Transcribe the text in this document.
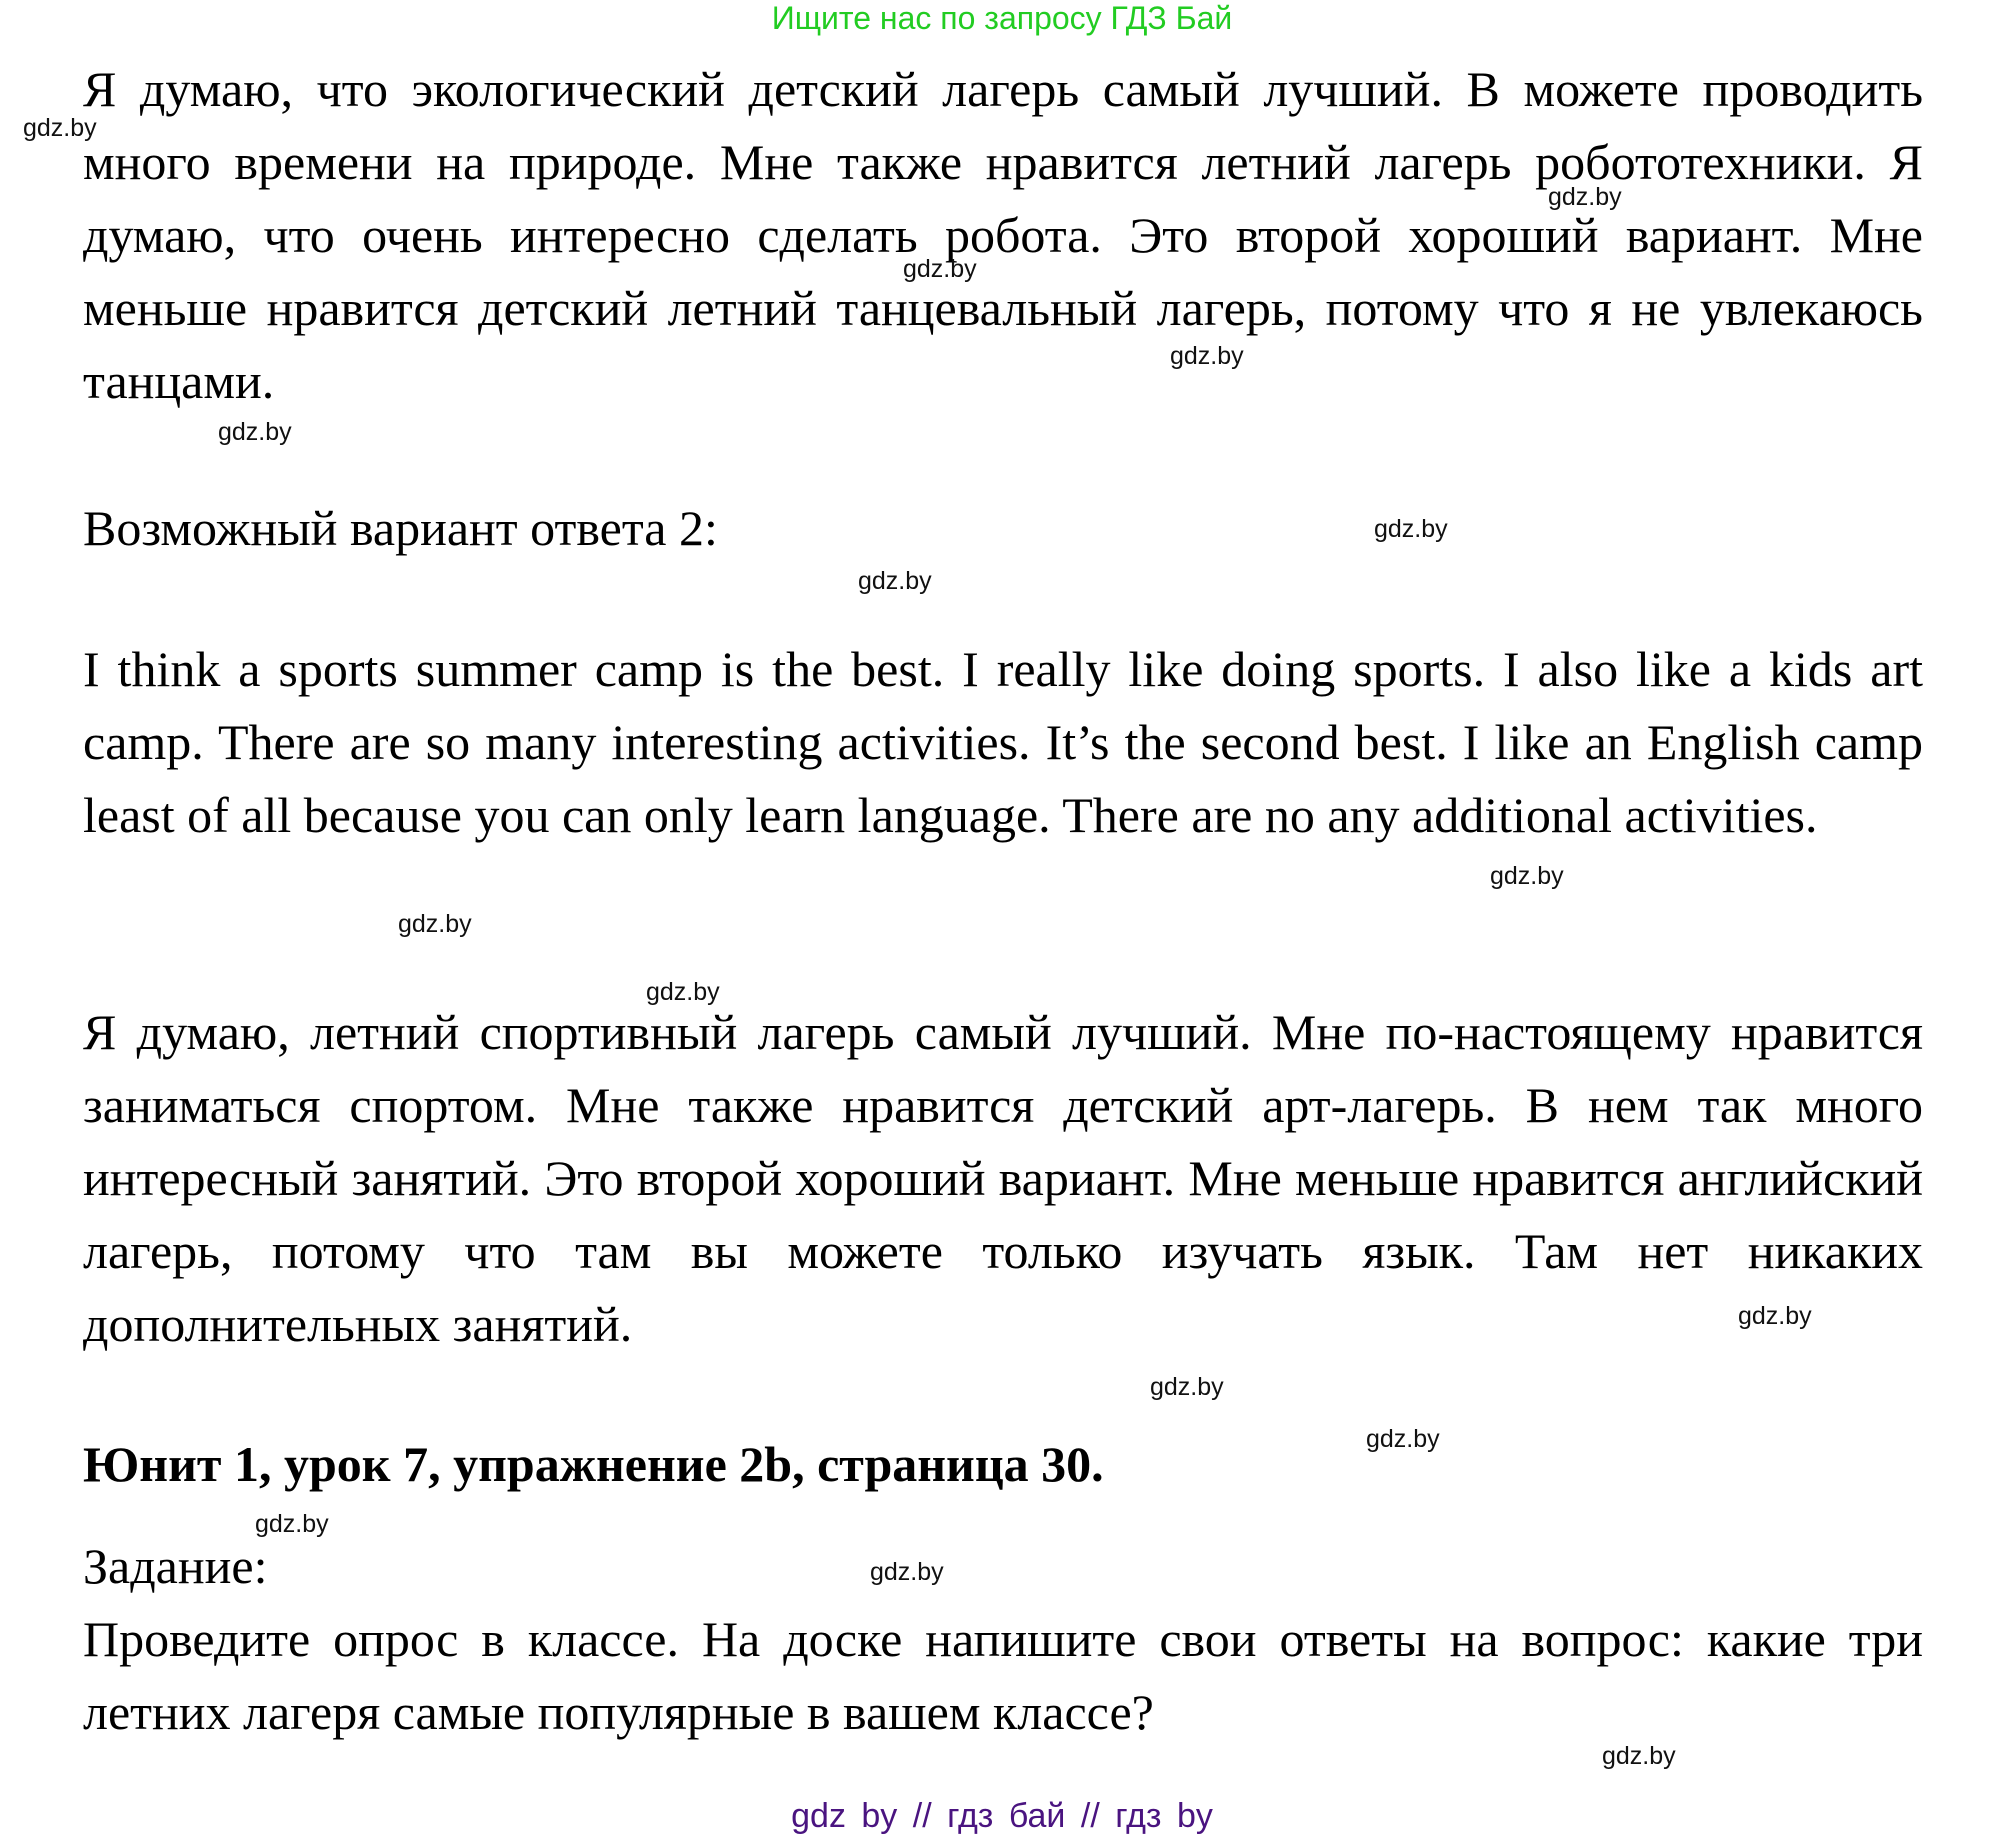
Ищите нас по запросу ГДЗ Бай

Я думаю, что экологический детский лагерь самый лучший. В можете проводить много времени на природе. Мне также нравится летний лагерь робототехники. Я думаю, что очень интересно сделать робота. Это второй хороший вариант. Мне меньше нравится детский летний танцевальный лагерь, потому что я не увлекаюсь танцами.

Возможный вариант ответа 2:

I think a sports summer camp is the best. I really like doing sports. I also like a kids art camp. There are so many interesting activities. It’s the second best. I like an English camp least of all because you can only learn language. There are no any additional activities.

Я думаю, летний спортивный лагерь самый лучший. Мне по-настоящему нравится заниматься спортом. Мне также нравится детский арт-лагерь. В нем так много интересный занятий. Это второй хороший вариант. Мне меньше нравится английский лагерь, потому что там вы можете только изучать язык. Там нет никаких дополнительных занятий.

Юнит 1, урок 7, упражнение 2b, страница 30.

Задание:

Проведите опрос в классе. На доске напишите свои ответы на вопрос: какие три летних лагеря самые популярные в вашем классе?

gdz.by
gdz.by
gdz.by
gdz.by
gdz.by
gdz.by
gdz.by
gdz.by
gdz.by
gdz.by
gdz.by
gdz.by
gdz.by
gdz.by
gdz.by
gdz.by
gdz by // гдз бай // гдз by
